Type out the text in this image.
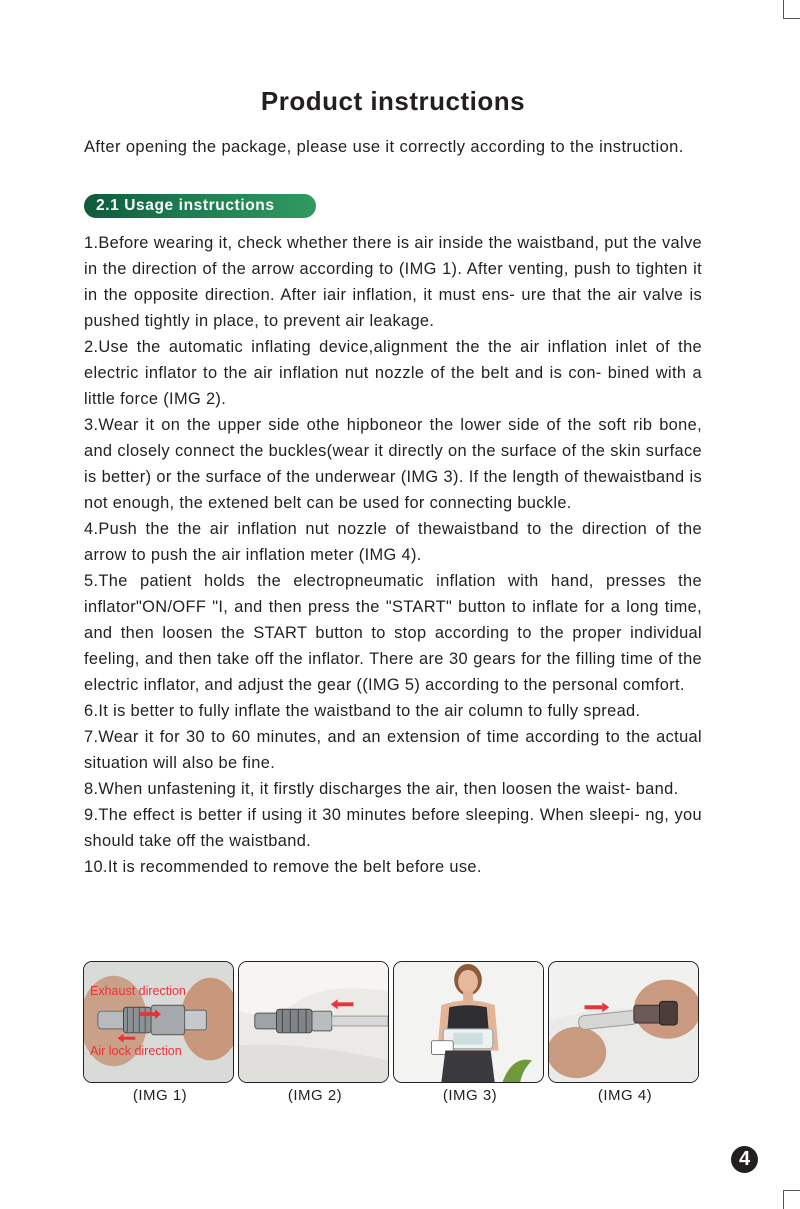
Product instructions
After opening the package, please use it correctly according to the instruction.
2.1 Usage instructions
1.Before wearing it, check whether there is air inside the waistband, put the valve in the direction of the arrow according to (IMG 1). After venting, push to tighten it in the opposite direction. After iair inflation, it must ens- ure that the air valve is pushed tightly in place, to prevent air leakage.
2.Use the automatic inflating device,alignment the the air inflation inlet of the electric inflator to the air inflation nut nozzle of the belt and is con- bined with a little force (IMG 2).
3.Wear it on the upper side othe hipboneor the lower side of the soft rib bone, and closely connect the buckles(wear it directly on the surface of the skin surface is better) or the surface of the underwear (IMG 3). If the length of thewaistband is not enough, the extened belt can be used for connecting buckle.
4.Push the the air inflation nut nozzle of thewaistband to the direction of the arrow to push the air inflation meter (IMG 4).
5.The patient holds the electropneumatic inflation with hand, presses the inflator"ON/OFF "I, and then press the "START" button to inflate for a long time, and then loosen the START button to stop according to the proper individual feeling, and then take off the inflator. There are 30 gears for the filling time of the electric inflator, and adjust the gear ((IMG 5) according to the personal comfort.
6.It is better to fully inflate the waistband to the air column to fully spread.
7.Wear it for 30 to 60 minutes, and an extension of time according to the actual situation will also be fine.
8.When unfastening it, it firstly discharges the air, then loosen the waist- band.
9.The effect is better if using it 30 minutes before sleeping. When sleepi- ng, you should take off the waistband.
10.It is recommended to remove the belt before use.
Exhaust direction
Air lock direction
(IMG 1)	(IMG 2)	(IMG 3)	(IMG 4)
4
